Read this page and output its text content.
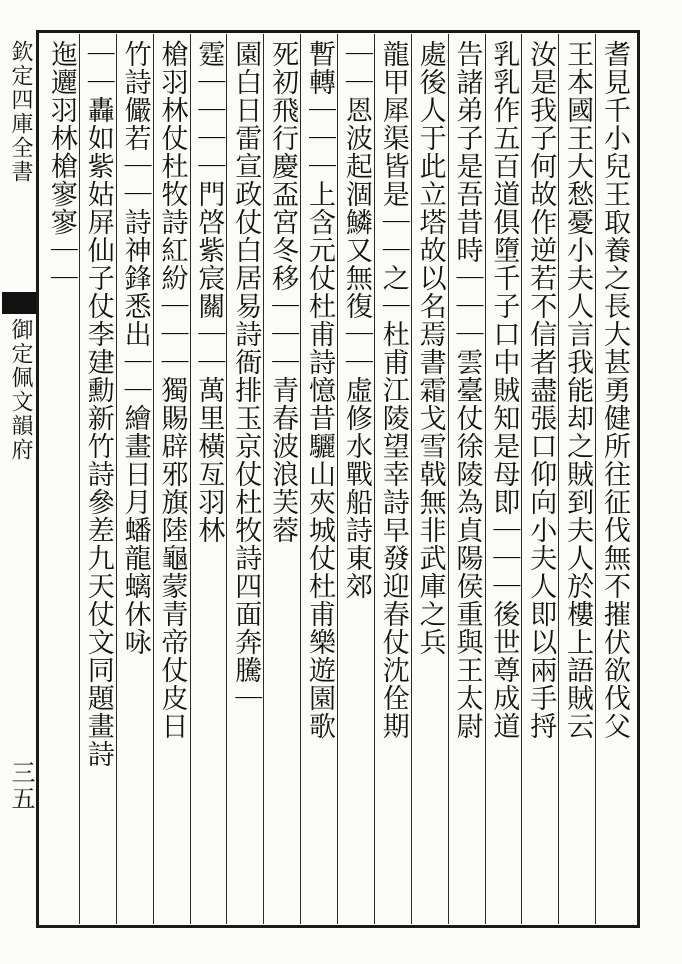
欽定四庫全書
御定佩文韻府
三五
耆見千小兒王取養之長大甚勇健所往征伐無不摧伏欲伐父
王本國王大愁憂小夫人言我能却之賊到夫人於樓上語賊云
汝是我子何故作逆若不信者盡張口仰向小夫人即以兩手捋
乳乳作五百道俱墮千子口中賊知是母即｜｜｜後世尊成道
告諸弟子是吾昔時｜｜｜雲臺仗徐陵為貞陽侯重與王太尉
處後人于此立塔故以名焉書霜戈雪戟無非武庫之兵
龍甲犀渠皆是｜｜之｜杜甫江陵望幸詩早發迎春仗沈佺期
｜｜恩波起涸鱗又無復｜｜虛修水戰船詩東郊
暫轉｜｜｜上含元仗杜甫詩憶昔驪山夾城仗杜甫樂遊園歌
死初飛行慶盃宮冬移｜｜｜青春波浪芙蓉
園白日雷宣政仗白居易詩衙排玉京仗杜牧詩四面奔騰｜
霆｜｜｜｜門啓紫宸關｜｜萬里橫亙羽林
槍羽林仗杜牧詩紅紛｜｜｜獨賜辟邪旗陸龜蒙青帝仗皮日
竹詩儼若｜｜詩神鋒悉出｜｜繪畫日月蟠龍螭休咏
｜｜轟如紫姑屏仙子仗李建勳新竹詩參差九天仗文同題畫詩
迤邐羽林槍寥寥｜｜
